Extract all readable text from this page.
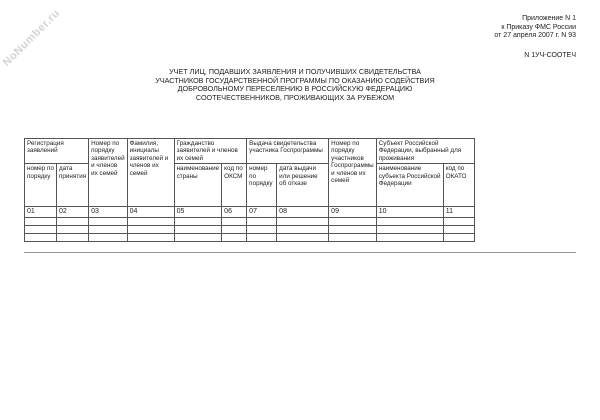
NoNumber.ru	Приложение N 1
к Приказу ФМС России
от 27 апреля 2007 г. N 93
N 1УЧ-СООТЕЧ
УЧЕТ ЛИЦ, ПОДАВШИХ ЗАЯВЛЕНИЯ И ПОЛУЧИВШИХ СВИДЕТЕЛЬСТВА
УЧАСТНИКОВ ГОСУДАРСТВЕННОЙ ПРОГРАММЫ ПО ОКАЗАНИЮ СОДЕЙСТВИЯ
ДОБРОВОЛЬНОМУ ПЕРЕСЕЛЕНИЮ В РОССИЙСКУЮ ФЕДЕРАЦИЮ
СООТЕЧЕСТВЕННИКОВ, ПРОЖИВАЮЩИХ ЗА РУБЕЖОМ
Регистрация заявлений		Номер по порядку заявителей и членов их семей	Фамилия, инициалы заявителей и членов их семей	Гражданство заявителей и членов их семей		Выдача свидетельства участника Госпрограммы		Номер по порядку участников Госпрограммы и членов их семей	Субъект Российской Федерации, выбранный для проживания	
номер по порядку	дата принятия			наименование страны	код по ОКСМ	номер по порядку	дата выдачи или решение об отказе		наименование субъекта Российской Федерации	код по ОКАТО
01	02	03	04	05	06	07	08	09	10	11
